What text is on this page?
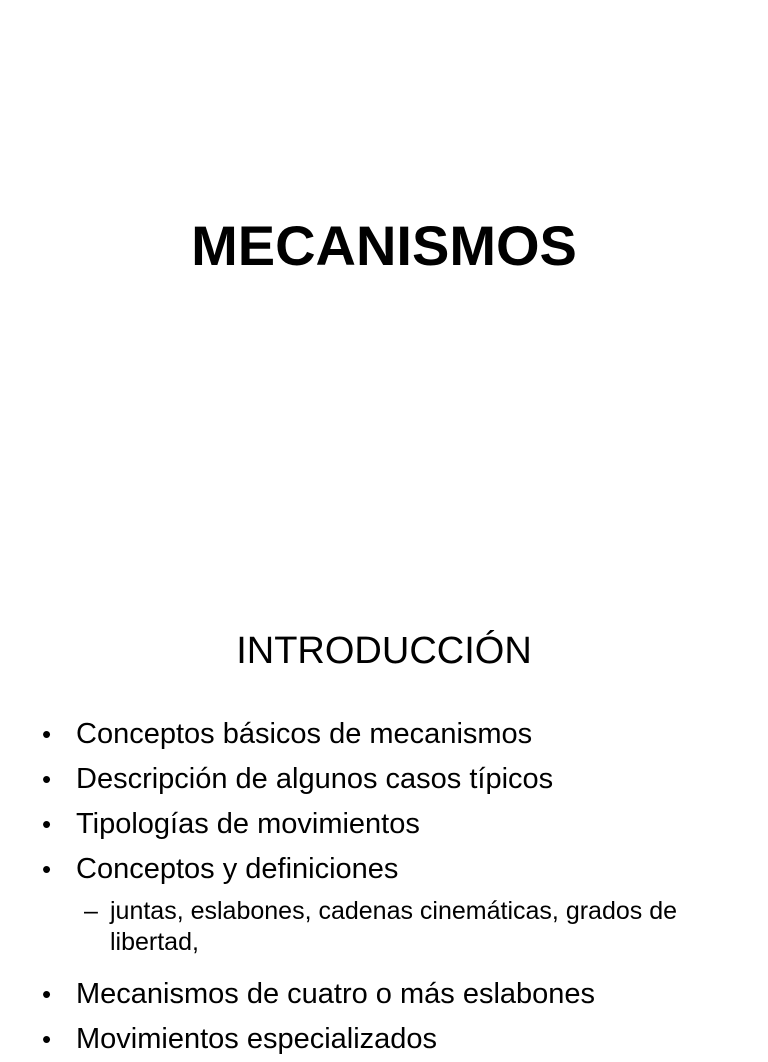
MECANISMOS
INTRODUCCIÓN
• Conceptos básicos de mecanismos
• Descripción de algunos casos típicos
• Tipologías de movimientos
• Conceptos y definiciones
– juntas, eslabones, cadenas cinemáticas, grados de libertad,
• Mecanismos de cuatro o más eslabones
• Movimientos especializados
